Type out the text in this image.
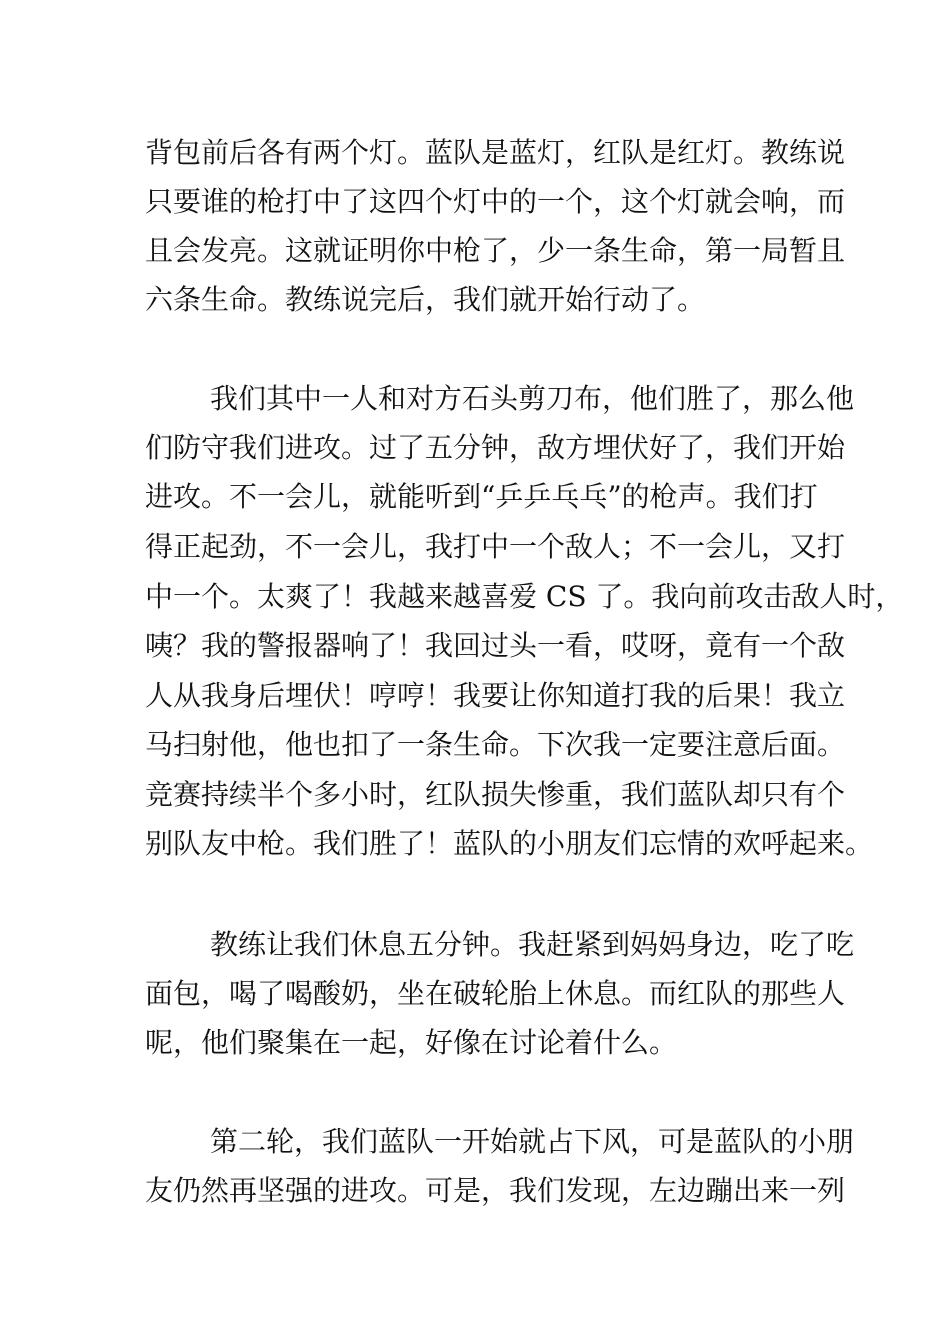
背包前后各有两个灯。蓝队是蓝灯，红队是红灯。教练说
只要谁的枪打中了这四个灯中的一个，这个灯就会响，而
且会发亮。这就证明你中枪了，少一条生命，第一局暂且
六条生命。教练说完后，我们就开始行动了。
我们其中一人和对方石头剪刀布，他们胜了，那么他
们防守我们进攻。过了五分钟，敌方埋伏好了，我们开始
进攻。不一会儿，就能听到“乒乒乓乓”的枪声。我们打
得正起劲，不一会儿，我打中一个敌人；不一会儿，又打
中一个。太爽了！我越来越喜爱 CS 了。我向前攻击敌人时，
咦？我的警报器响了！我回过头一看，哎呀，竟有一个敌
人从我身后埋伏！哼哼！我要让你知道打我的后果！我立
马扫射他，他也扣了一条生命。下次我一定要注意后面。
竞赛持续半个多小时，红队损失惨重，我们蓝队却只有个
别队友中枪。我们胜了！蓝队的小朋友们忘情的欢呼起来。
教练让我们休息五分钟。我赶紧到妈妈身边，吃了吃
面包，喝了喝酸奶，坐在破轮胎上休息。而红队的那些人
呢，他们聚集在一起，好像在讨论着什么。
第二轮，我们蓝队一开始就占下风，可是蓝队的小朋
友仍然再坚强的进攻。可是，我们发现，左边蹦出来一列
